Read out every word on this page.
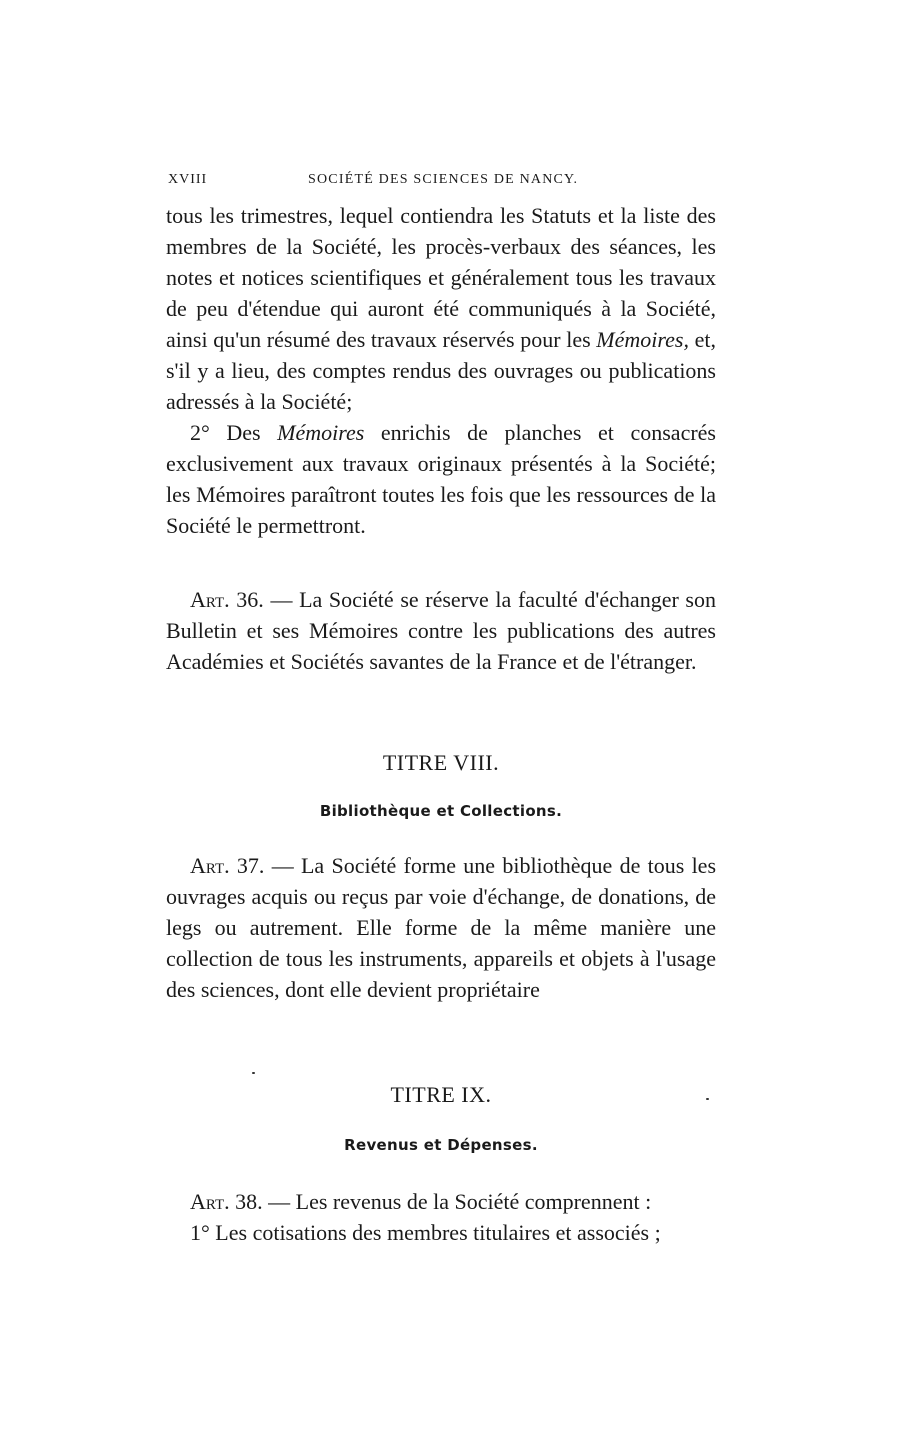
XVIII	SOCIÉTÉ DES SCIENCES DE NANCY.

tous les trimestres, lequel contiendra les Statuts et la liste des membres de la Société, les procès-verbaux des séances, les notes et notices scientifiques et généralement tous les travaux de peu d'étendue qui auront été communiqués à la Société, ainsi qu'un résumé des travaux réservés pour les Mémoires, et, s'il y a lieu, des comptes rendus des ouvrages ou publications adressés à la Société;

2° Des Mémoires enrichis de planches et consacrés exclusivement aux travaux originaux présentés à la Société; les Mémoires paraîtront toutes les fois que les ressources de la Société le permettront.

Art. 36. — La Société se réserve la faculté d'échanger son Bulletin et ses Mémoires contre les publications des autres Académies et Sociétés savantes de la France et de l'étranger.

TITRE VIII.
Bibliothèque et Collections.

Art. 37. — La Société forme une bibliothèque de tous les ouvrages acquis ou reçus par voie d'échange, de donations, de legs ou autrement. Elle forme de la même manière une collection de tous les instruments, appareils et objets à l'usage des sciences, dont elle devient propriétaire

TITRE IX.
Revenus et Dépenses.

Art. 38. — Les revenus de la Société comprennent :

1° Les cotisations des membres titulaires et associés ;
